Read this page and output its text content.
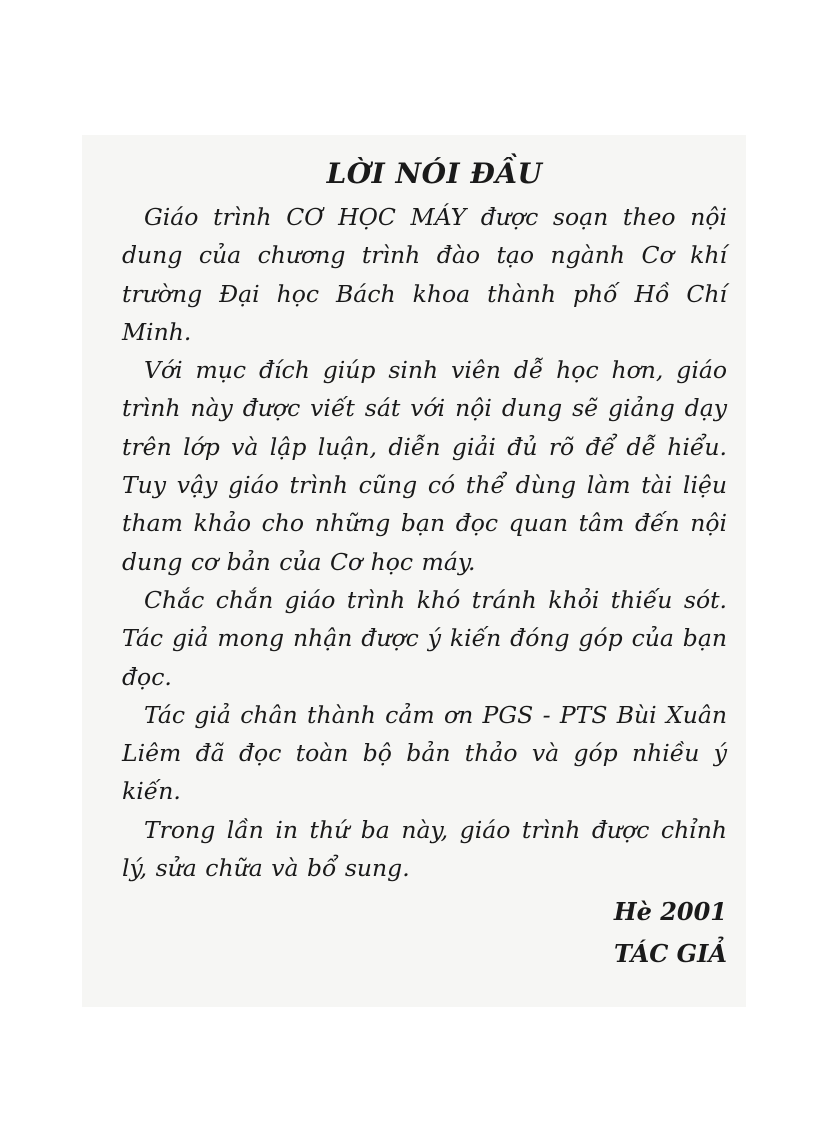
LỜI NÓI ĐẦU

Giáo trình CƠ HỌC MÁY được soạn theo nội dung của chương trình đào tạo ngành Cơ khí trường Đại học Bách khoa thành phố Hồ Chí Minh.

Với mục đích giúp sinh viên dễ học hơn, giáo trình này được viết sát với nội dung sẽ giảng dạy trên lớp và lập luận, diễn giải đủ rõ để dễ hiểu. Tuy vậy giáo trình cũng có thể dùng làm tài liệu tham khảo cho những bạn đọc quan tâm đến nội dung cơ bản của Cơ học máy.

Chắc chắn giáo trình khó tránh khỏi thiếu sót. Tác giả mong nhận được ý kiến đóng góp của bạn đọc.

Tác giả chân thành cảm ơn PGS - PTS Bùi Xuân Liêm đã đọc toàn bộ bản thảo và góp nhiều ý kiến.

Trong lần in thứ ba này, giáo trình được chỉnh lý, sửa chữa và bổ sung.

Hè 2001

TÁC GIẢ
